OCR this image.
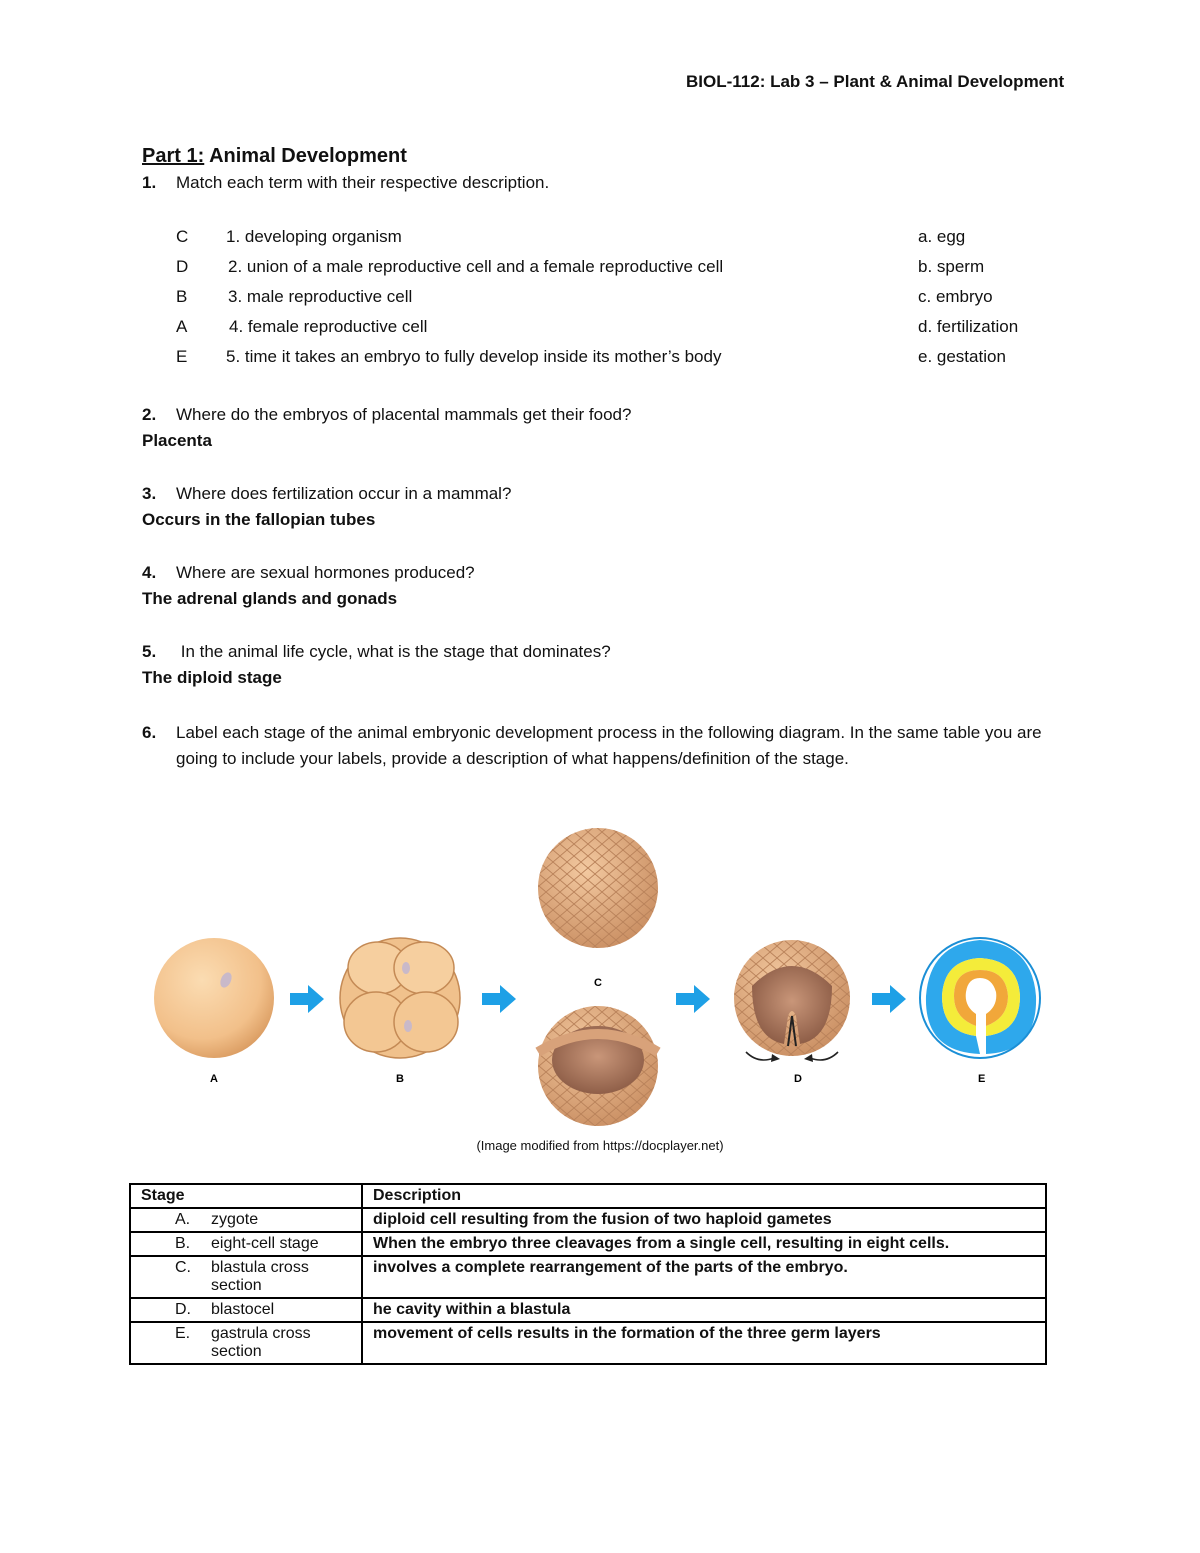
BIOL-112: Lab 3 – Plant & Animal Development
Part 1: Animal Development
1. Match each term with their respective description.
C 1. developing organism	a. egg
D 2. union of a male reproductive cell and a female reproductive cell	b. sperm
B 3. male reproductive cell	c. embryo
A 4. female reproductive cell	d. fertilization
E 5. time it takes an embryo to fully develop inside its mother’s body	e. gestation
2. Where do the embryos of placental mammals get their food?
Placenta
3. Where does fertilization occur in a mammal?
Occurs in the fallopian tubes
4. Where are sexual hormones produced?
The adrenal glands and gonads
5. In the animal life cycle, what is the stage that dominates?
The diploid stage
6. Label each stage of the animal embryonic development process in the following diagram. In the same table you are going to include your labels, provide a description of what happens/definition of the stage.
A	B
C
D	E
(Image modified from https://docplayer.net)
Stage	Description
A. zygote	diploid cell resulting from the fusion of two haploid gametes
B. eight-cell stage	When the embryo three cleavages from a single cell, resulting in eight cells.
C. blastula cross section	involves a complete rearrangement of the parts of the embryo.
D. blastocel	he cavity within a blastula
E. gastrula cross section	movement of cells results in the formation of the three germ layers
